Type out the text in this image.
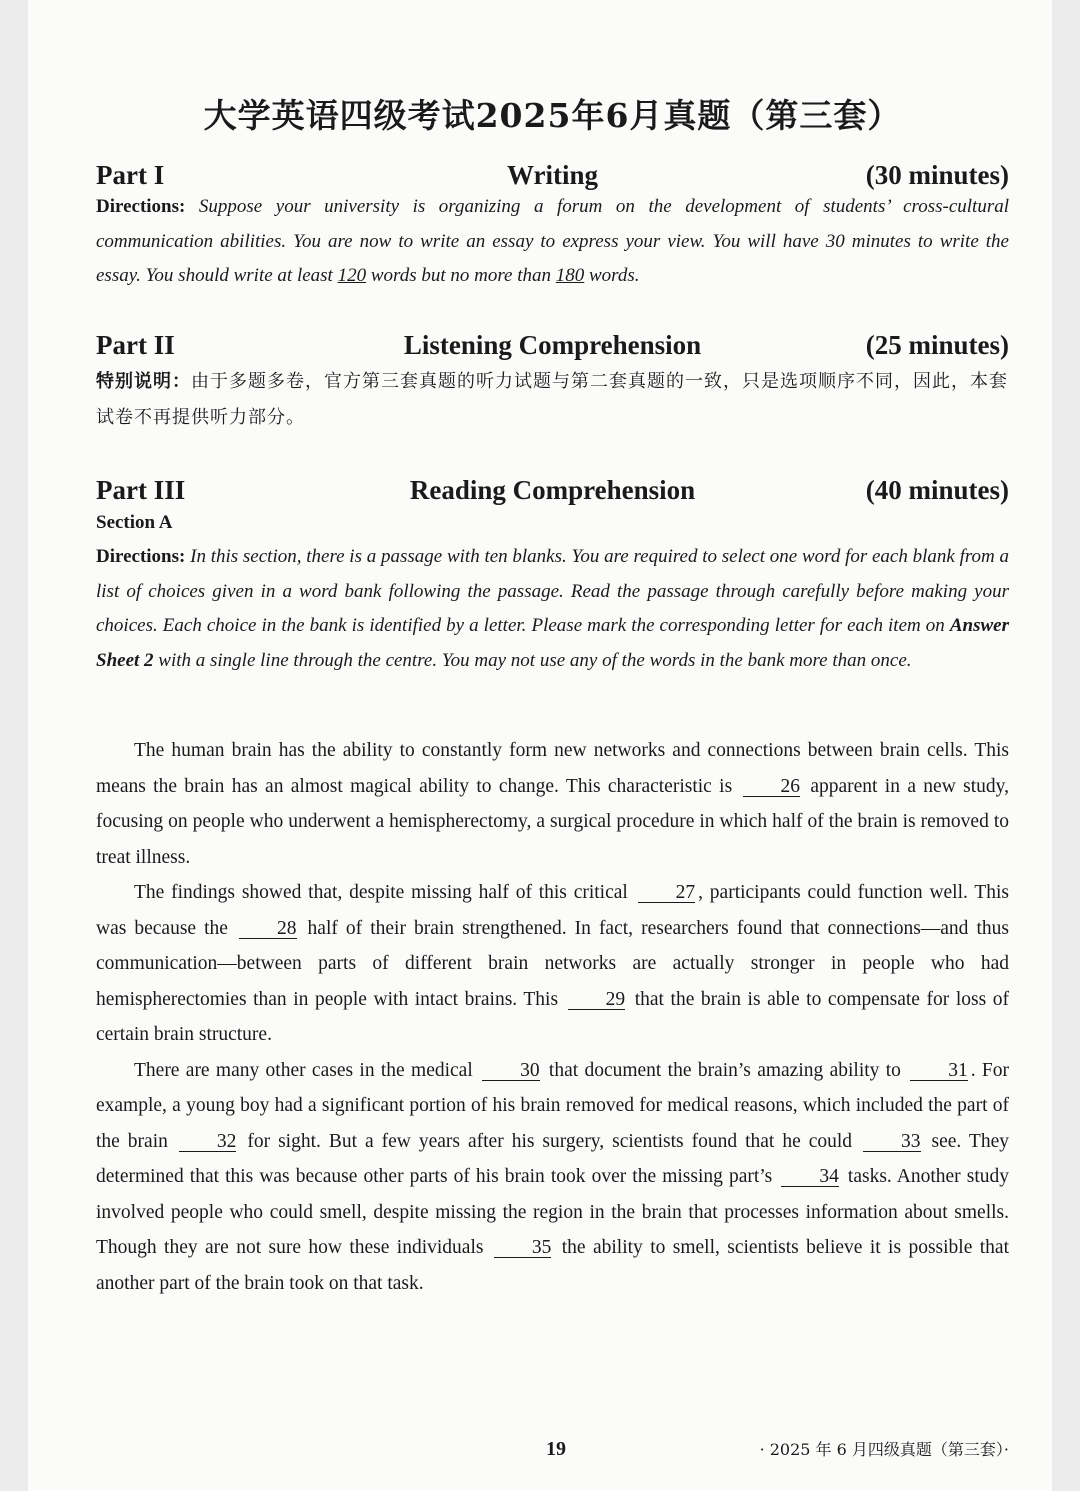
大学英语四级考试2025年6月真题（第三套）
Part I	Writing	(30 minutes)
Directions: Suppose your university is organizing a forum on the development of students’ cross-cultural communication abilities. You are now to write an essay to express your view. You will have 30 minutes to write the essay. You should write at least 120 words but no more than 180 words.
Part II	Listening Comprehension	(25 minutes)
特别说明：由于多题多卷，官方第三套真题的听力试题与第二套真题的一致，只是选项顺序不同，因此，本套试卷不再提供听力部分。
Part III	Reading Comprehension	(40 minutes)
Section A
Directions: In this section, there is a passage with ten blanks. You are required to select one word for each blank from a list of choices given in a word bank following the passage. Read the passage through carefully before making your choices. Each choice in the bank is identified by a letter. Please mark the corresponding letter for each item on Answer Sheet 2 with a single line through the centre. You may not use any of the words in the bank more than once.

The human brain has the ability to constantly form new networks and connections between brain cells. This means the brain has an almost magical ability to change. This characteristic is 26 apparent in a new study, focusing on people who underwent a hemispherectomy, a surgical procedure in which half of the brain is removed to treat illness.

The findings showed that, despite missing half of this critical 27 , participants could function well. This was because the 28 half of their brain strengthened. In fact, researchers found that connections—and thus communication—between parts of different brain networks are actually stronger in people who had hemispherectomies than in people with intact brains. This 29 that the brain is able to compensate for loss of certain brain structure.

There are many other cases in the medical 30 that document the brain’s amazing ability to 31 . For example, a young boy had a significant portion of his brain removed for medical reasons, which included the part of the brain 32 for sight. But a few years after his surgery, scientists found that he could 33 see. They determined that this was because other parts of his brain took over the missing part’s 34 tasks. Another study involved people who could smell, despite missing the region in the brain that processes information about smells. Though they are not sure how these individuals 35 the ability to smell, scientists believe it is possible that another part of the brain took on that task.

19	· 2025 年 6 月四级真题（第三套）·
